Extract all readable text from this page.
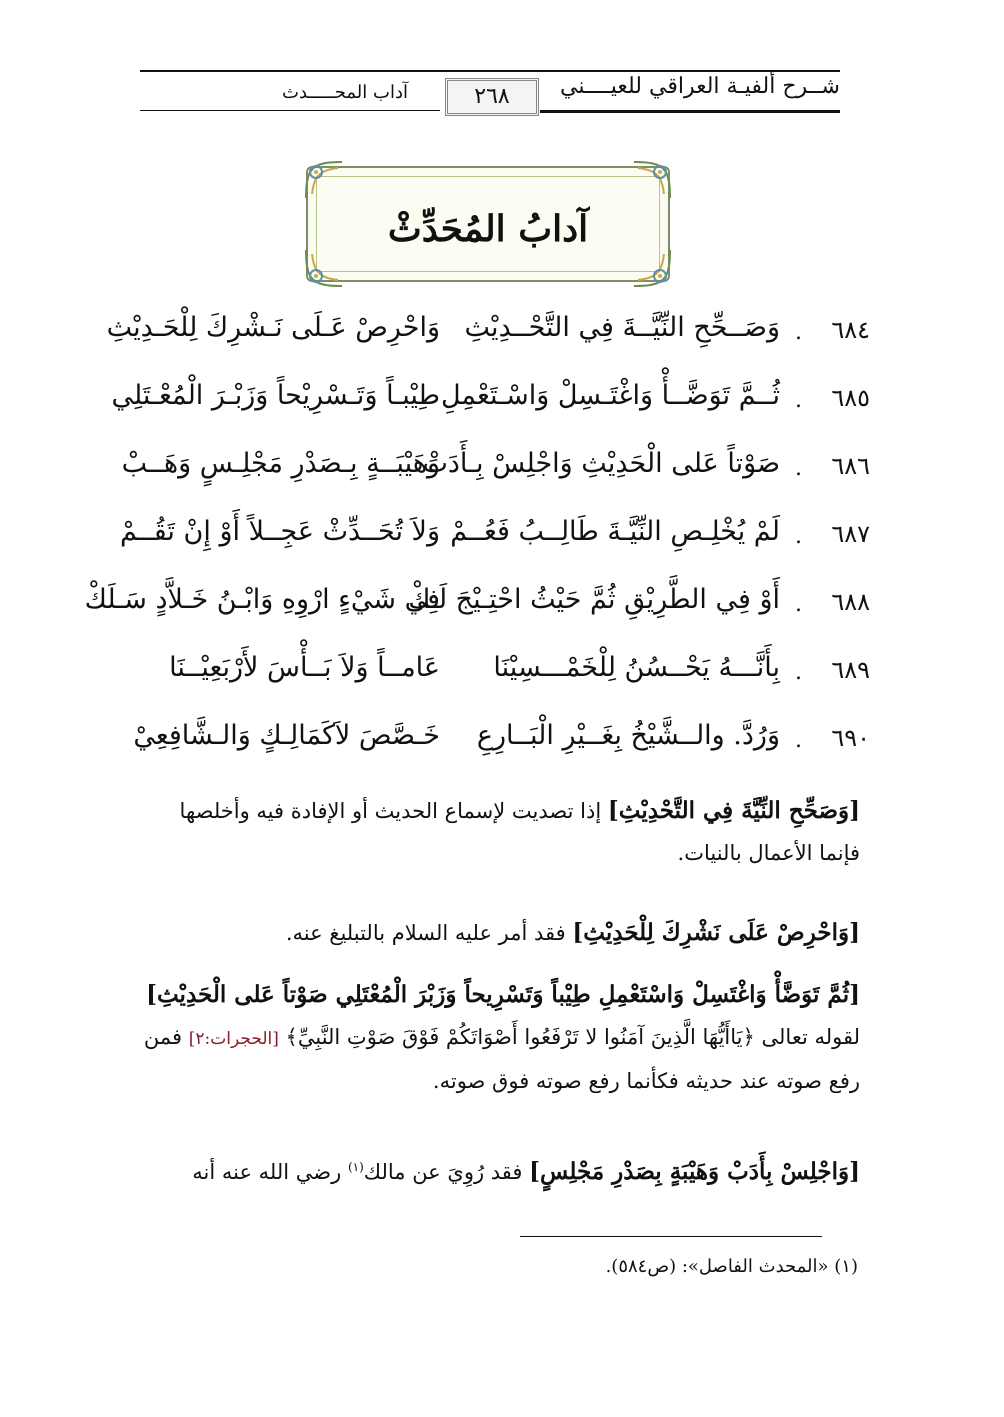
شــرح ألفيـة العراقي للعيــــني
٢٦٨
آداب المحـــــدث
آدابُ المُحَدِّثْ
٦٨٤
.
وَصَــحِّحِ النِّيَّــةَ فِي التَّحْــدِيْثِ
وَاحْرِصْ عَـلَى نَـشْرِكَ لِلْحَـدِيْثِ
٦٨٥
.
ثُــمَّ تَوَضَّــأْ وَاغْتَـسِلْ وَاسْـتَعْمِلِ
طِيْبـاً وَتَـسْرِيْحاً وَزَبْـرَ الْمُعْـتَلِي
٦٨٦
.
صَوْتاً عَلى الْحَدِيْثِ وَاجْلِسْ بِـأَدَبْ
وَهَيْبَــةٍ بِـصَدْرِ مَجْلِـسٍ وَهَــبْ
٦٨٧
.
لَمْ يُخْلِـصِ النِّيَّـةَ طَالِــبُ فَعُــمْ
وَلاَ تُحَــدِّثْ عَجِــلاً أَوْ إِنْ تَقُــمْ
٦٨٨
.
أَوْ فِي الطَّرِيْقِ ثُمَّ حَيْثُ احْتِـيْجَ لَـكْ
فِي شَيْءٍ ارْوِهِ وَابْـنُ خَـلاَّدٍ سَـلَكْ
٦٨٩
.
بِأَنَّـــهُ يَحْــسُنُ لِلْخَمْـــسِيْنَا
عَامــاً وَلاَ بَــأْسَ لأَرْبَعِيْــنَا
٦٩٠
.
وَرُدَّ. والــشَّيْخُ بِغَــيْرِ الْبَــارِعِ
خَـصَّصَ لاَكَمَالِـكٍ وَالـشَّافِعِيْ
[وَصَحِّحِ النِّيَّةَ فِي التَّحْدِيْثِ] إذا تصديت لإسماع الحديث أو الإفادة فيه وأخلصها فإنما الأعمال بالنيات.
[وَاحْرِصْ عَلَى نَشْرِكَ لِلْحَدِيْثِ] فقد أمر عليه السلام بالتبليغ عنه.
[ثُمَّ تَوَضَّأْ وَاغْتَسِلْ وَاسْتَعْمِلِ طِيْباً وَتَسْرِيحاً وَزَبْرَ الْمُعْتَلِي صَوْتاً عَلى الْحَدِيْثِ] لقوله تعالى ﴿يَاأَيُّهَا الَّذِينَ آمَنُوا لا تَرْفَعُوا أَصْوَاتَكُمْ فَوْقَ صَوْتِ النَّبِيِّ﴾ [الحجرات:٢] فمن رفع صوته عند حديثه فكأنما رفع صوته فوق صوته.
[وَاجْلِسْ بِأَدَبْ وَهَيْبَةٍ بِصَدْرِ مَجْلِسٍ] فقد رُوِيَ عن مالك$^{(١)}$ رضي الله عنه أنه
(١) «المحدث الفاصل»: (ص٥٨٤).
